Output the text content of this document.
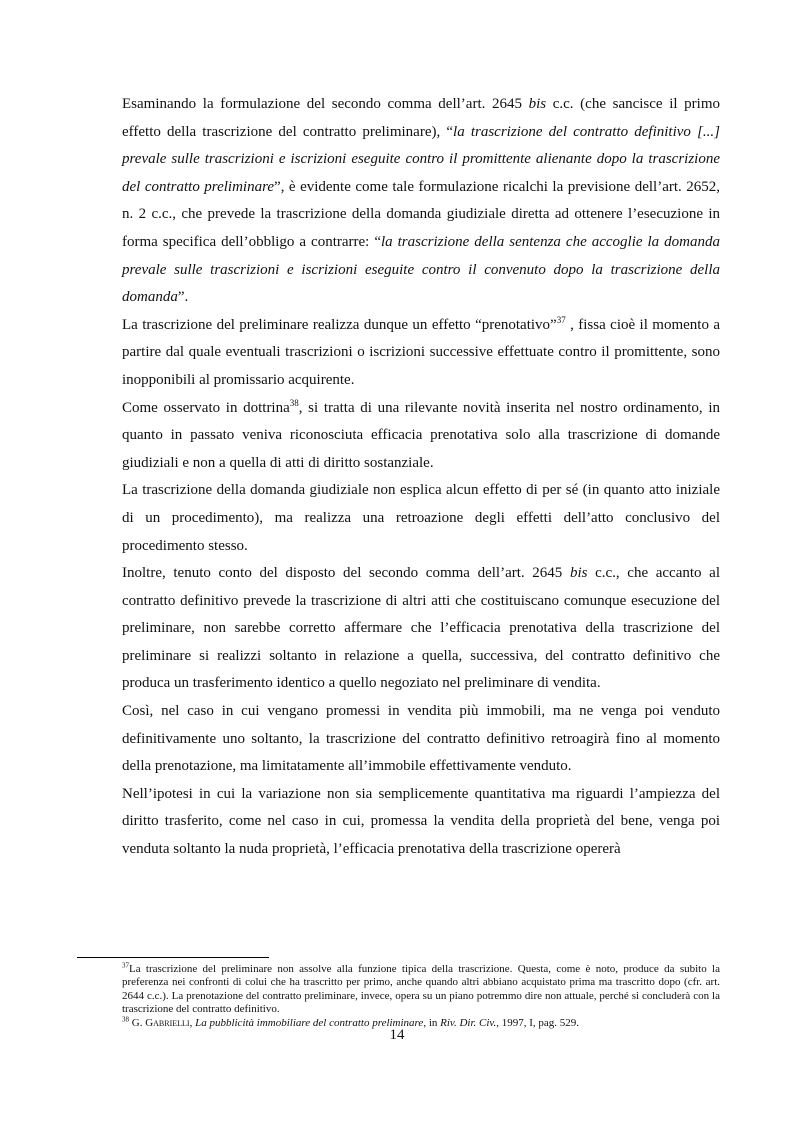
Esaminando la formulazione del secondo comma dell’art. 2645 bis c.c. (che sancisce il primo effetto della trascrizione del contratto preliminare), “la trascrizione del contratto definitivo [...] prevale sulle trascrizioni e iscrizioni eseguite contro il promittente alienante dopo la trascrizione del contratto preliminare”, è evidente come tale formulazione ricalchi la previsione dell’art. 2652, n. 2 c.c., che prevede la trascrizione della domanda giudiziale diretta ad ottenere l’esecuzione in forma specifica dell’obbligo a contrarre: “la trascrizione della sentenza che accoglie la domanda prevale sulle trascrizioni e iscrizioni eseguite contro il convenuto dopo la trascrizione della domanda”.

La trascrizione del preliminare realizza dunque un effetto “prenotativo”$^{37}$ , fissa cioè il momento a partire dal quale eventuali trascrizioni o iscrizioni successive effettuate contro il promittente, sono inopponibili al promissario acquirente.

Come osservato in dottrina$^{38}$, si tratta di una rilevante novità inserita nel nostro ordinamento, in quanto in passato veniva riconosciuta efficacia prenotativa solo alla trascrizione di domande giudiziali e non a quella di atti di diritto sostanziale.

La trascrizione della domanda giudiziale non esplica alcun effetto di per sé (in quanto atto iniziale di un procedimento), ma realizza una retroazione degli effetti dell’atto conclusivo del procedimento stesso.

Inoltre, tenuto conto del disposto del secondo comma dell’art. 2645 bis c.c., che accanto al contratto definitivo prevede la trascrizione di altri atti che costituiscano comunque esecuzione del preliminare, non sarebbe corretto affermare che l’efficacia prenotativa della trascrizione del preliminare si realizzi soltanto in relazione a quella, successiva, del contratto definitivo che produca un trasferimento identico a quello negoziato nel preliminare di vendita.

Così, nel caso in cui vengano promessi in vendita più immobili, ma ne venga poi venduto definitivamente uno soltanto, la trascrizione del contratto definitivo retroagirà fino al momento della prenotazione, ma limitatamente all’immobile effettivamente venduto.

Nell’ipotesi in cui la variazione non sia semplicemente quantitativa ma riguardi l’ampiezza del diritto trasferito, come nel caso in cui, promessa la vendita della proprietà del bene, venga poi venduta soltanto la nuda proprietà, l’efficacia prenotativa della trascrizione opererà

$^{37}$La trascrizione del preliminare non assolve alla funzione tipica della trascrizione. Questa, come è noto, produce da subito la preferenza nei confronti di colui che ha trascritto per primo, anche quando altri abbiano acquistato prima ma trascritto dopo (cfr. art. 2644 c.c.). La prenotazione del contratto preliminare, invece, opera su un piano potremmo dire non attuale, perché si concluderà con la trascrizione del contratto definitivo.

$^{38}$ G. Gabrielli, La pubblicità immobiliare del contratto preliminare, in Riv. Dir. Civ., 1997, I, pag. 529.

14
